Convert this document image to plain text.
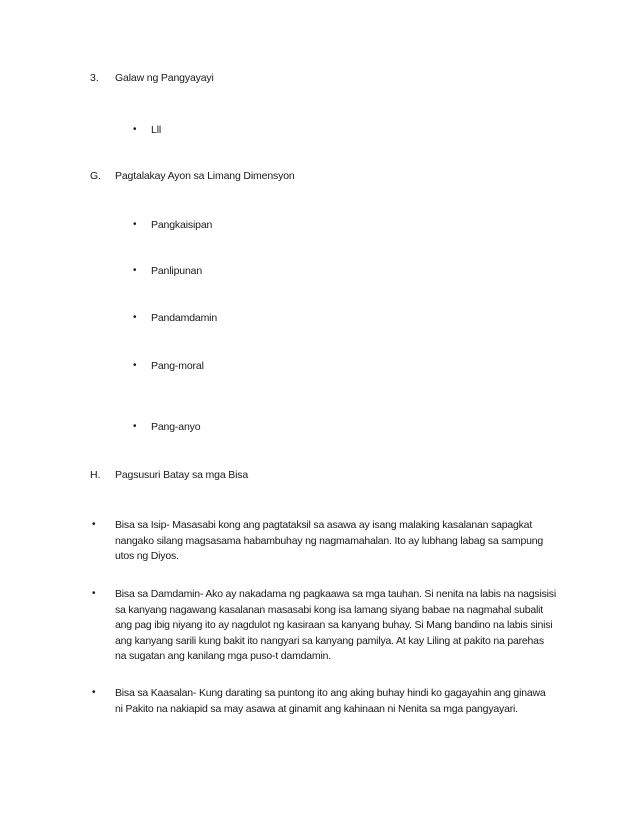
3. Galaw ng Pangyayayi
• Lll
G. Pagtalakay Ayon sa Limang Dimensyon
• Pangkaisipan
• Panlipunan
• Pandamdamin
• Pang-moral
• Pang-anyo
H. Pagsusuri Batay sa mga Bisa
• Bisa sa Isip- Masasabi kong ang pagtataksil sa asawa ay isang malaking kasalanan sapagkat
nangako silang magsasama habambuhay ng nagmamahalan. Ito ay lubhang labag sa sampung
utos ng Diyos.
• Bisa sa Damdamin- Ako ay nakadama ng pagkaawa sa mga tauhan. Si nenita na labis na nagsisisi
sa kanyang nagawang kasalanan masasabi kong isa lamang siyang babae na nagmahal subalit
ang pag ibig niyang ito ay nagdulot ng kasiraan sa kanyang buhay. Si Mang bandino na labis sinisi
ang kanyang sarili kung bakit ito nangyari sa kanyang pamilya. At kay Liling at pakito na parehas
na sugatan ang kanilang mga puso-t damdamin.
• Bisa sa Kaasalan- Kung darating sa puntong ito ang aking buhay hindi ko gagayahin ang ginawa
ni Pakito na nakiapid sa may asawa at ginamit ang kahinaan ni Nenita sa mga pangyayari.
